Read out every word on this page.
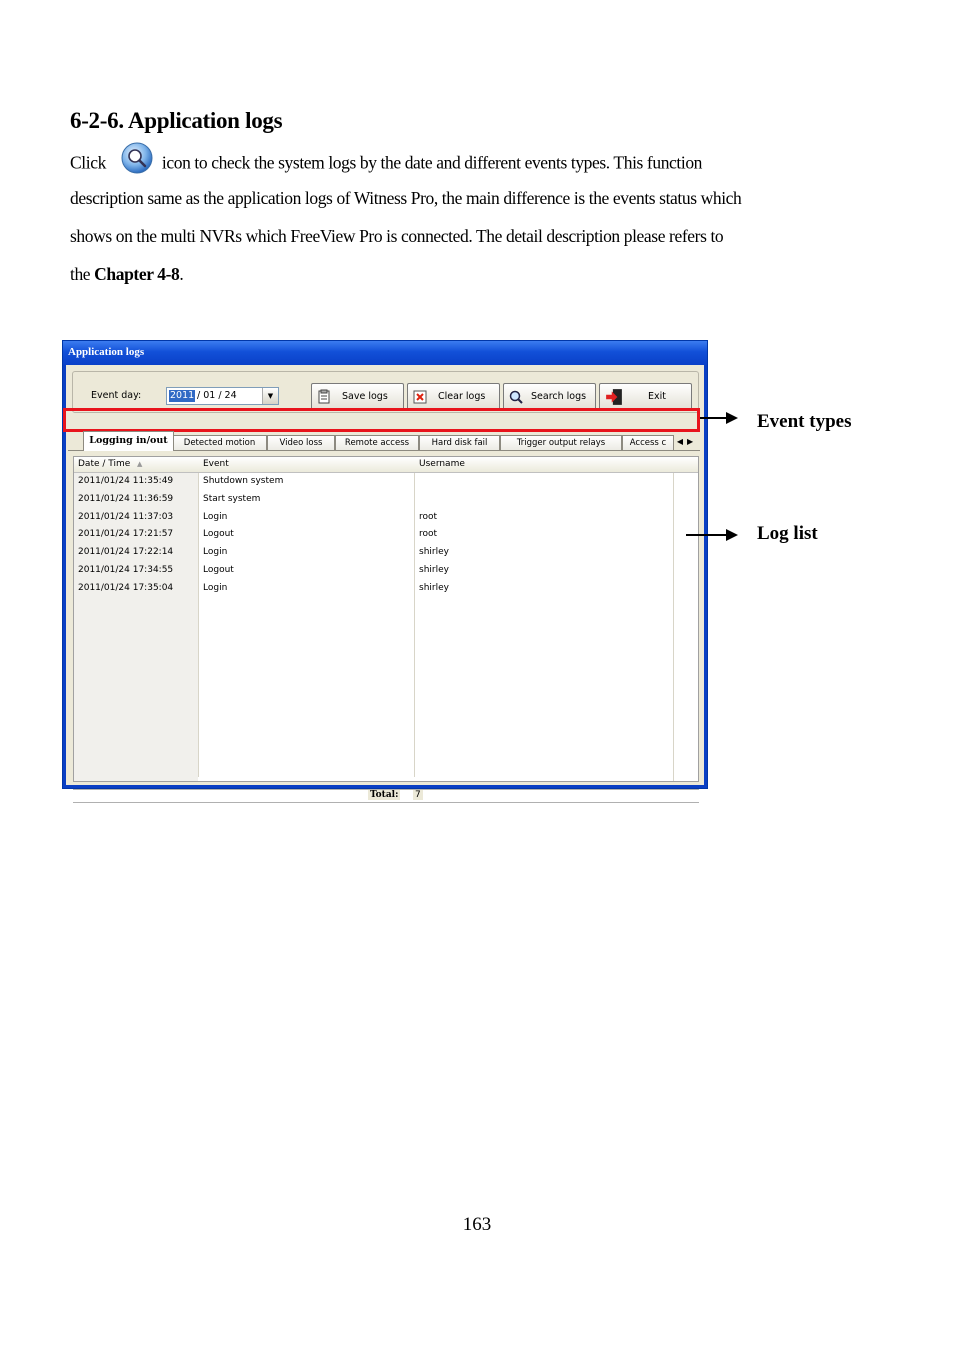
6-2-6. Application logs
Click	icon to check the system logs by the date and different events types. This function
description same as the application logs of Witness Pro, the main difference is the events status which
shows on the multi NVRs which FreeView Pro is connected. The detail description please refers to
the Chapter 4-8.
Application logs
Event day:	2011 / 01 / 24	▼	Save logs	Clear logs	Search logs	Exit
Logging in/out	Detected motion	Video loss	Remote access	Hard disk fail	Trigger output relays	Access c	◀▶
Date / Time ▲	Event	Username
2011/01/24 11:35:49	Shutdown system
2011/01/24 11:36:59	Start system
2011/01/24 11:37:03	Login	root
2011/01/24 17:21:57	Logout	root
2011/01/24 17:22:14	Login	shirley
2011/01/24 17:34:55	Logout	shirley
2011/01/24 17:35:04	Login	shirley
Total: 7
Event types
Log list
163
